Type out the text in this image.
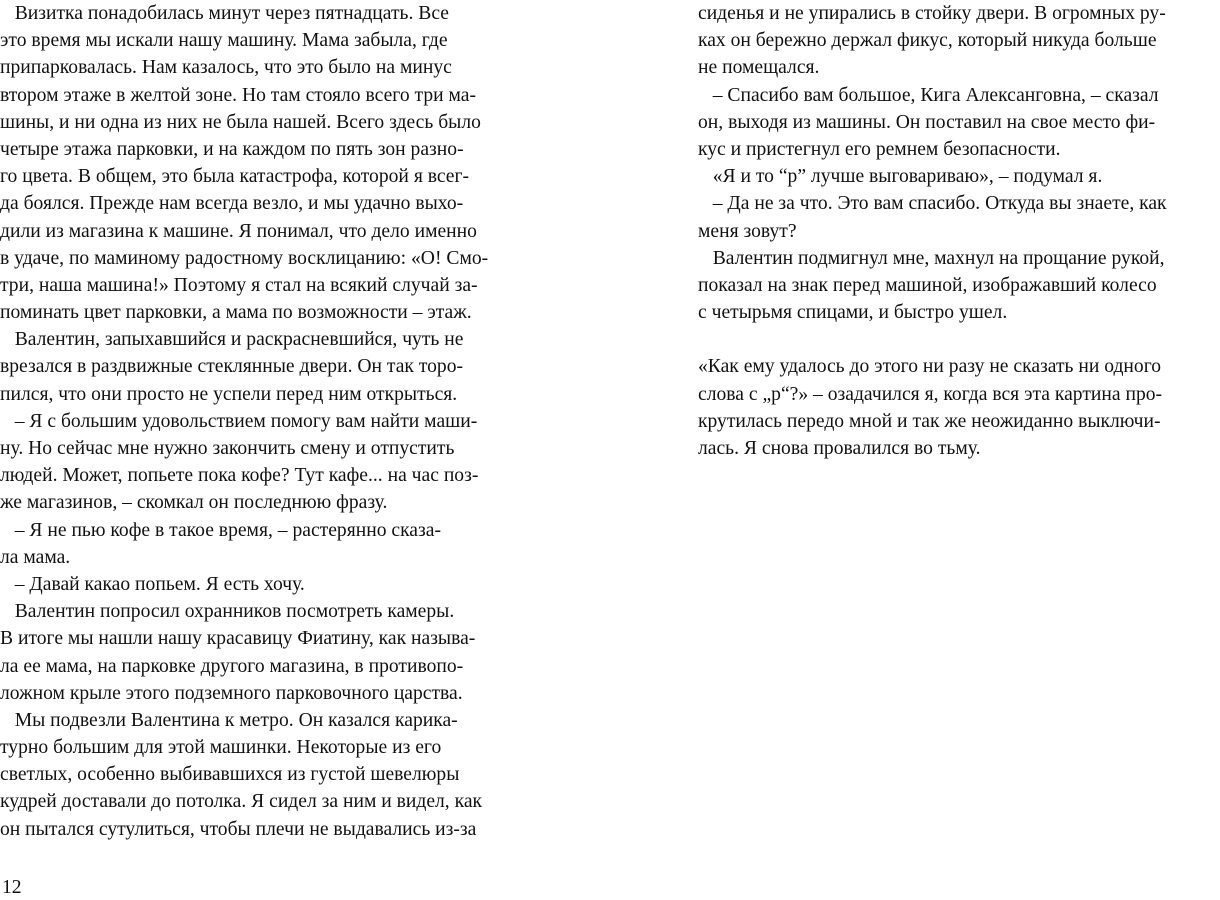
Визитка понадобилась минут через пятнадцать. Все
это время мы искали нашу машину. Мама забыла, где
припарковалась. Нам казалось, что это было на минус
втором этаже в желтой зоне. Но там стояло всего три ма-
шины, и ни одна из них не была нашей. Всего здесь было
четыре этажа парковки, и на каждом по пять зон разно-
го цвета. В общем, это была катастрофа, которой я всег-
да боялся. Прежде нам всегда везло, и мы удачно выхо-
дили из магазина к машине. Я понимал, что дело именно
в удаче, по маминому радостному восклицанию: «О! Смо-
три, наша машина!» Поэтому я стал на всякий случай за-
поминать цвет парковки, а мама по возможности – этаж.
Валентин, запыхавшийся и раскрасневшийся, чуть не
врезался в раздвижные стеклянные двери. Он так торо-
пился, что они просто не успели перед ним открыться.
– Я с большим удовольствием помогу вам найти маши-
ну. Но сейчас мне нужно закончить смену и отпустить
людей. Может, попьете пока кофе? Тут кафе... на час поз-
же магазинов, – скомкал он последнюю фразу.
– Я не пью кофе в такое время, – растерянно сказа-
ла мама.
– Давай какао попьем. Я есть хочу.
Валентин попросил охранников посмотреть камеры.
В итоге мы нашли нашу красавицу Фиатину, как называ-
ла ее мама, на парковке другого магазина, в противопо-
ложном крыле этого подземного парковочного царства.
Мы подвезли Валентина к метро. Он казался карика-
турно большим для этой машинки. Некоторые из его
светлых, особенно выбивавшихся из густой шевелюры
кудрей доставали до потолка. Я сидел за ним и видел, как
он пытался сутулиться, чтобы плечи не выдавались из-за
сиденья и не упирались в стойку двери. В огромных ру-
ках он бережно держал фикус, который никуда больше
не помещался.
– Спасибо вам большое, Кига Алексанговна, – сказал
он, выходя из машины. Он поставил на свое место фи-
кус и пристегнул его ремнем безопасности.
«Я и то “р” лучше выговариваю», – подумал я.
– Да не за что. Это вам спасибо. Откуда вы знаете, как
меня зовут?
Валентин подмигнул мне, махнул на прощание рукой,
показал на знак перед машиной, изображавший колесо
с четырьмя спицами, и быстро ушел.
«Как ему удалось до этого ни разу не сказать ни одного
слова с „р“?» – озадачился я, когда вся эта картина про-
крутилась передо мной и так же неожиданно выключи-
лась. Я снова провалился во тьму.
12
